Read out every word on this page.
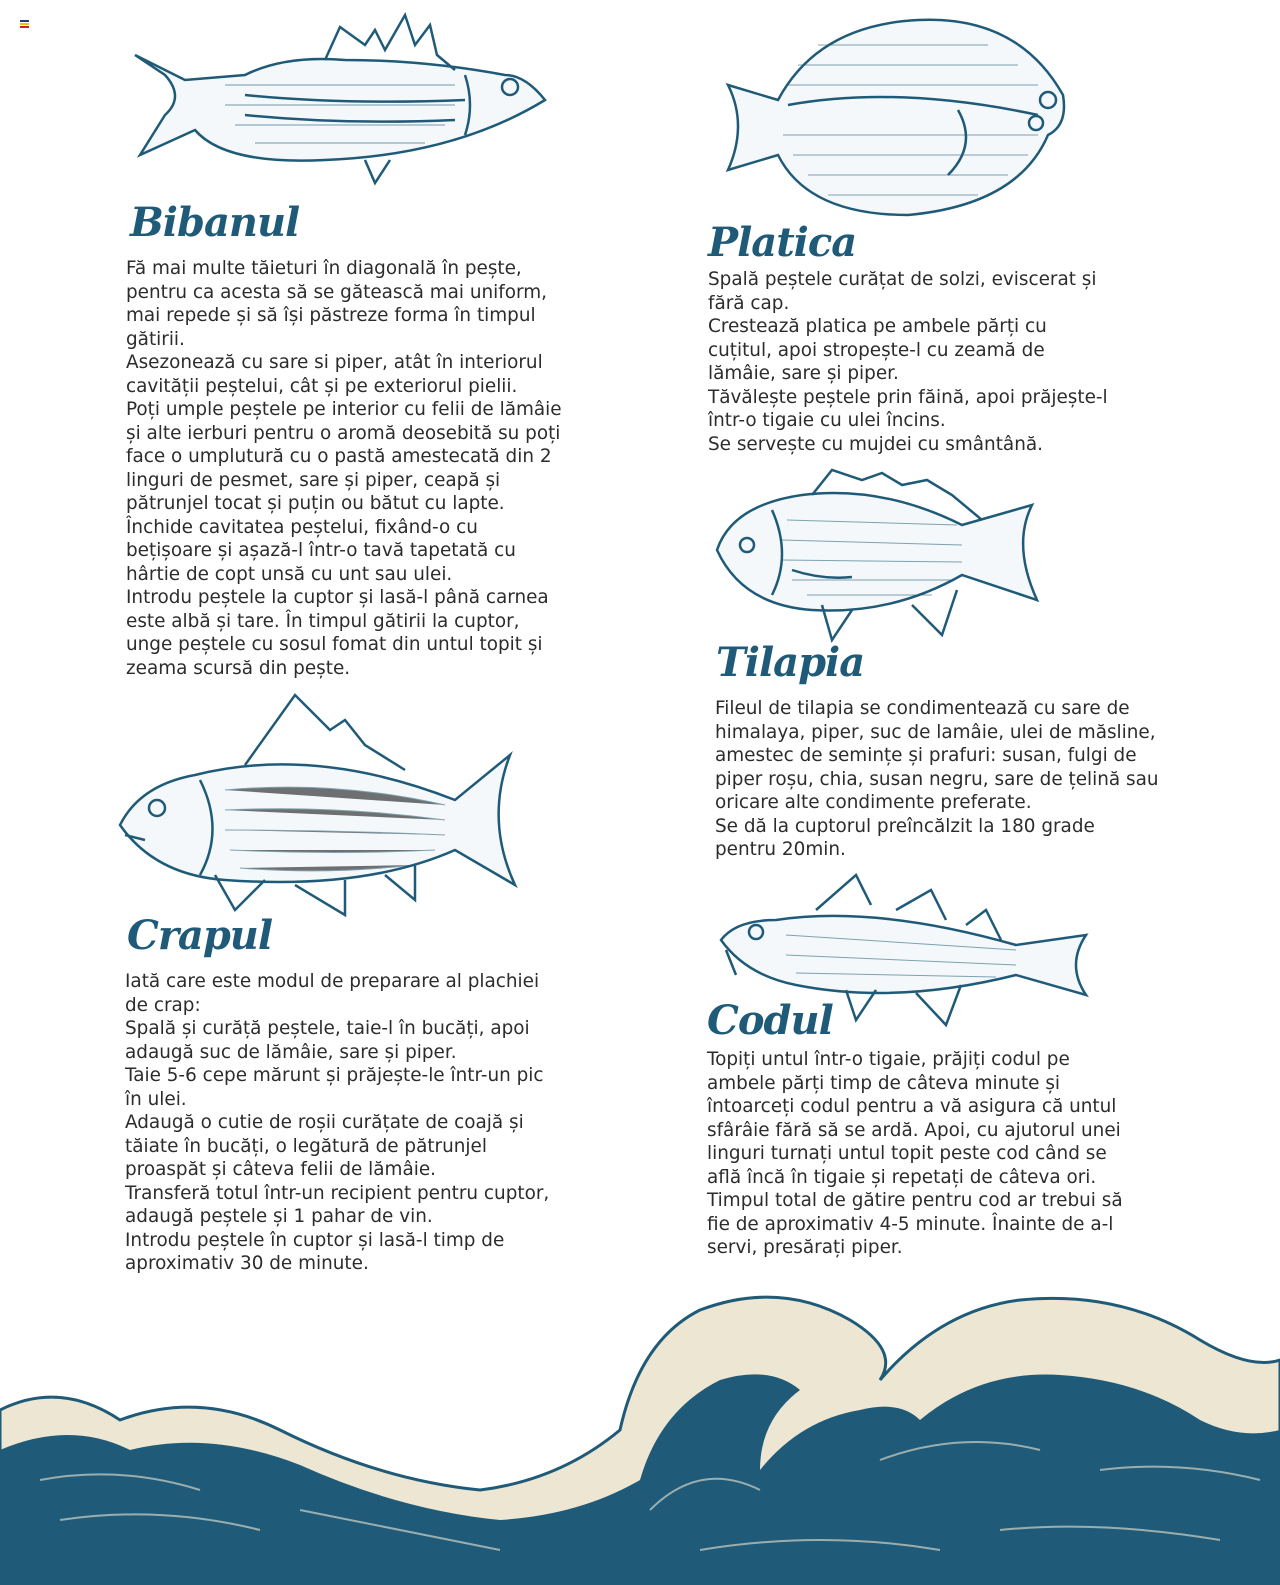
Bibanul

Fă mai multe tăieturi în diagonală în pește,
pentru ca acesta să se gătească mai uniform,
mai repede și să își păstreze forma în timpul
gătirii.
Asezonează cu sare si piper, atât în interiorul
cavității peștelui, cât și pe exteriorul pielii.
Poți umple peștele pe interior cu felii de lămâie
și alte ierburi pentru o aromă deosebită su poți
face o umplutură cu o pastă amestecată din 2
linguri de pesmet, sare și piper, ceapă și
pătrunjel tocat și puțin ou bătut cu lapte.
Închide cavitatea peștelui, fixând-o cu
bețișoare și așază-l într-o tavă tapetată cu
hârtie de copt unsă cu unt sau ulei.
Introdu peștele la cuptor și lasă-l până carnea
este albă și tare. În timpul gătirii la cuptor,
unge peștele cu sosul fomat din untul topit și
zeama scursă din pește.

Platica

Spală peștele curățat de solzi, eviscerat și
fără cap.
Crestează platica pe ambele părți cu
cuțitul, apoi stropește-l cu zeamă de
lămâie, sare și piper.
Tăvălește peștele prin făină, apoi prăjește-l
într-o tigaie cu ulei încins.
Se servește cu mujdei cu smântână.

Tilapia

Fileul de tilapia se condimentează cu sare de
himalaya, piper, suc de lamâie, ulei de măsline,
amestec de semințe și prafuri: susan, fulgi de
piper roșu, chia, susan negru, sare de țelină sau
oricare alte condimente preferate.
Se dă la cuptorul preîncălzit la 180 grade
pentru 20min.

Crapul

Iată care este modul de preparare al plachiei
de crap:
Spală și curăță peștele, taie-l în bucăți, apoi
adaugă suc de lămâie, sare și piper.
Taie 5-6 cepe mărunt și prăjește-le într-un pic
în ulei.
Adaugă o cutie de roșii curățate de coajă și
tăiate în bucăți, o legătură de pătrunjel
proaspăt și câteva felii de lămâie.
Transferă totul într-un recipient pentru cuptor,
adaugă peștele și 1 pahar de vin.
Introdu peștele în cuptor și lasă-l timp de
aproximativ 30 de minute.

Codul

Topiți untul într-o tigaie, prăjiți codul pe
ambele părți timp de câteva minute și
întoarceți codul pentru a vă asigura că untul
sfârâie fără să se ardă. Apoi, cu ajutorul unei
linguri turnați untul topit peste cod când se
află încă în tigaie și repetați de câteva ori.
Timpul total de gătire pentru cod ar trebui să
fie de aproximativ 4-5 minute. Înainte de a-l
servi, presărați piper.
